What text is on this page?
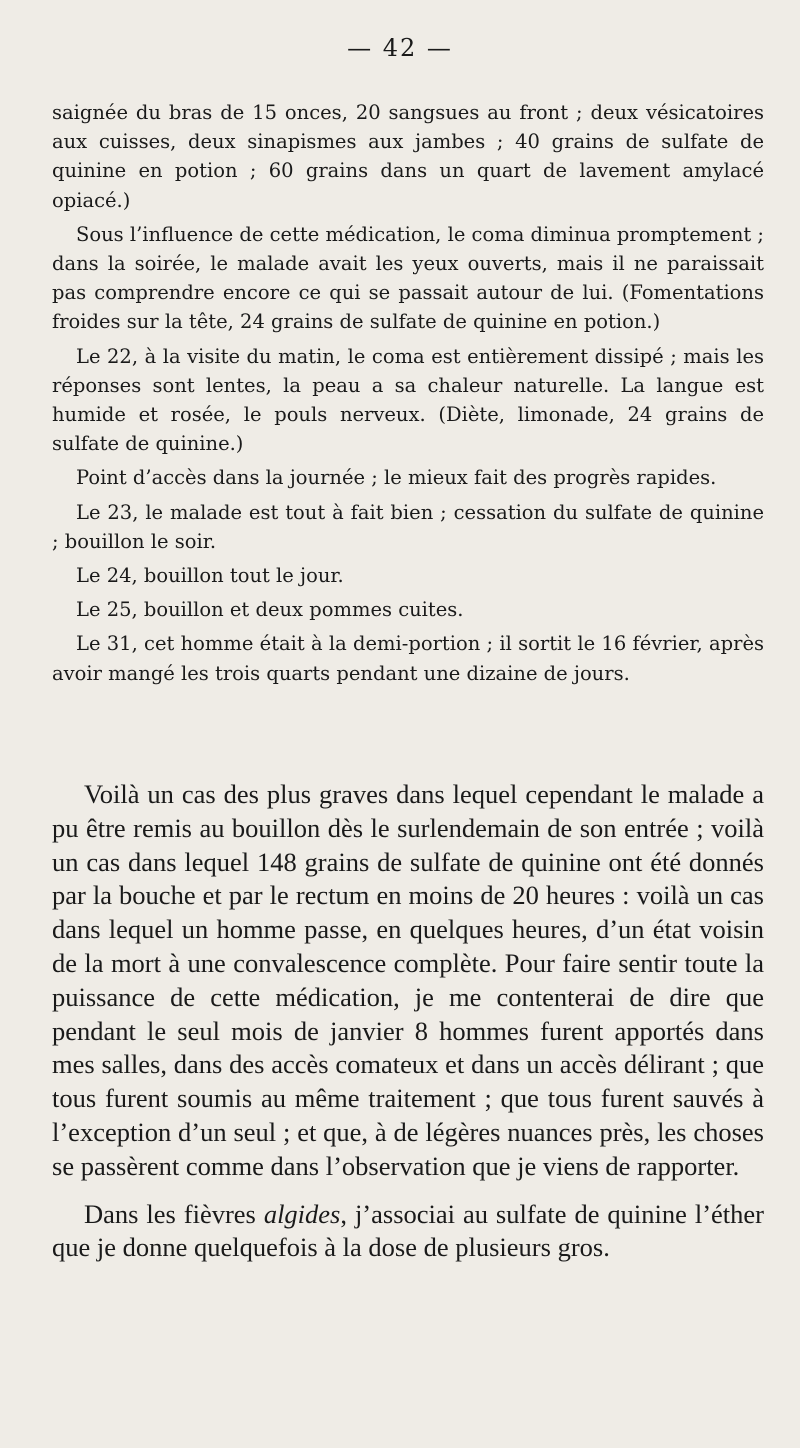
— 42 —

saignée du bras de 15 onces, 20 sangsues au front ; deux vésicatoires aux cuisses, deux sinapismes aux jambes ; 40 grains de sulfate de quinine en potion ; 60 grains dans un quart de lavement amylacé opiacé.)

Sous l’influence de cette médication, le coma diminua promptement ; dans la soirée, le malade avait les yeux ouverts, mais il ne paraissait pas comprendre encore ce qui se passait autour de lui. (Fomentations froides sur la tête, 24 grains de sulfate de quinine en potion.)

Le 22, à la visite du matin, le coma est entièrement dissipé ; mais les réponses sont lentes, la peau a sa chaleur naturelle. La langue est humide et rosée, le pouls nerveux. (Diète, limonade, 24 grains de sulfate de quinine.)

Point d’accès dans la journée ; le mieux fait des progrès rapides.

Le 23, le malade est tout à fait bien ; cessation du sulfate de quinine ; bouillon le soir.

Le 24, bouillon tout le jour.

Le 25, bouillon et deux pommes cuites.

Le 31, cet homme était à la demi-portion ; il sortit le 16 février, après avoir mangé les trois quarts pendant une dizaine de jours.

Voilà un cas des plus graves dans lequel cependant le malade a pu être remis au bouillon dès le surlendemain de son entrée ; voilà un cas dans lequel 148 grains de sulfate de quinine ont été donnés par la bouche et par le rectum en moins de 20 heures : voilà un cas dans lequel un homme passe, en quelques heures, d’un état voisin de la mort à une convalescence complète. Pour faire sentir toute la puissance de cette médication, je me contenterai de dire que pendant le seul mois de janvier 8 hommes furent apportés dans mes salles, dans des accès comateux et dans un accès délirant ; que tous furent soumis au même traitement ; que tous furent sauvés à l’exception d’un seul ; et que, à de légères nuances près, les choses se passèrent comme dans l’observation que je viens de rapporter.

Dans les fièvres algides, j’associai au sulfate de quinine l’éther que je donne quelquefois à la dose de plusieurs gros.
